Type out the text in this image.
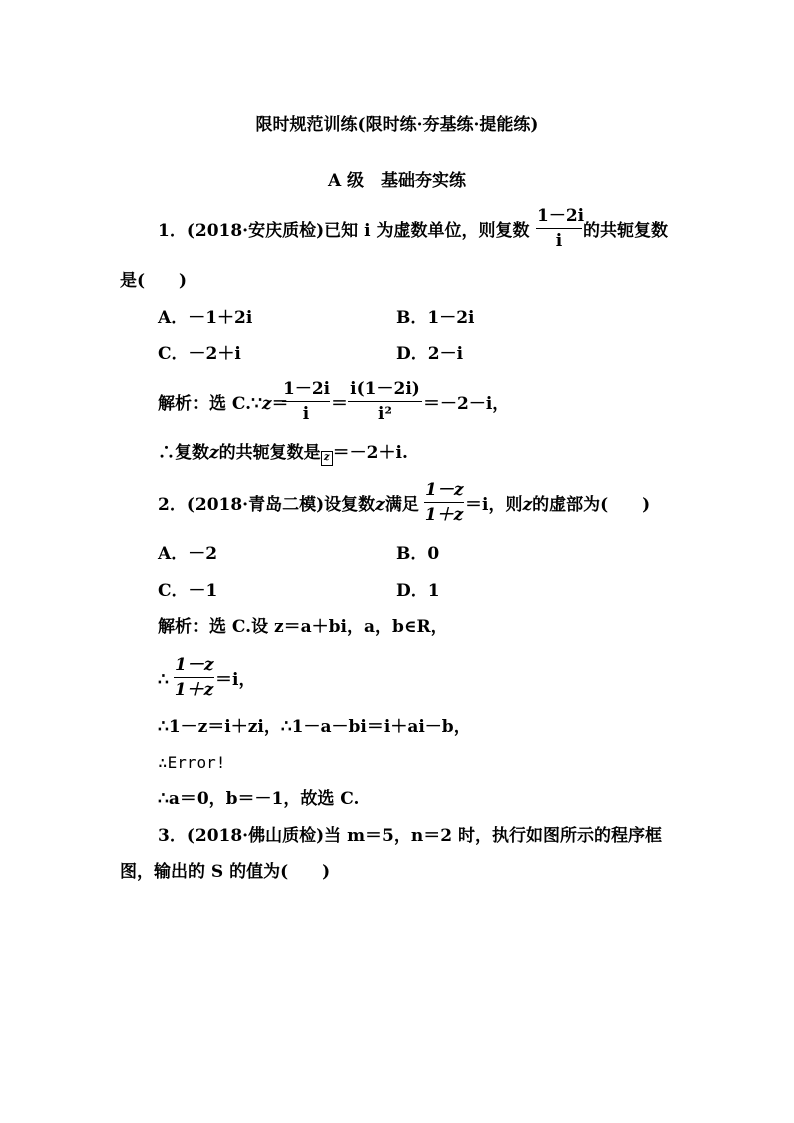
限时规范训练(限时练·夯基练·提能练)
A 级　基础夯实练
1．(2018·安庆质检)已知 i 为虚数单位，则复数
1－2i
i	的共轭复数
是(　　)
A．－1＋2i	B．1－2i
C．－2＋i	D．2－i
解析：选 C.∵z＝
1－2i
i	＝
i(1－2i)
i²	＝－2－i，
∴复数z的共轭复数是 z ＝－2＋i.
2．(2018·青岛二模)设复数z满足
1－z
1＋z ＝i，则z的虚部为(　　)
A．－2	B．0
C．－1	D．1
解析：选 C.设 z＝a＋bi，a，b∈R，
∴
1－z
1＋z ＝i，
∴1－z＝i＋zi，∴1－a－bi＝i＋ai－b，
∴Error!
∴a＝0，b＝－1，故选 C.
3．(2018·佛山质检)当 m＝5，n＝2 时，执行如图所示的程序框
图，输出的 S 的值为(　　)
